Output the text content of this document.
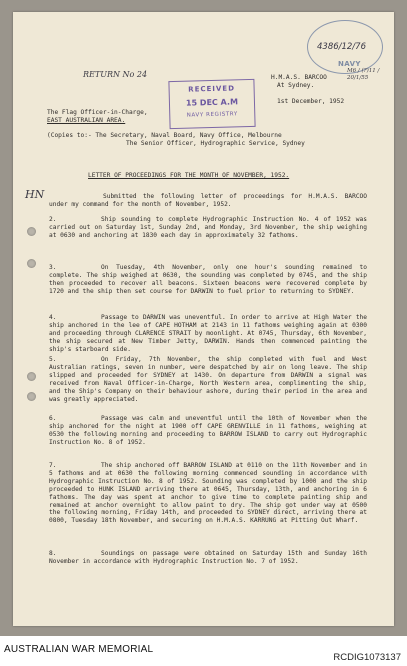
4386/12/76
NAVY
M6 / (?)11 / 20/1/55
RETURN No 24
RECEIVED
15 DEC A.M
NAVY REGISTRY
H.M.A.S. BARCOO
At Sydney.
1st December, 1952
The Flag Officer-in-Charge,
EAST AUSTRALIAN AREA.
(Copies to:- The Secretary, Naval Board, Navy Office, Melbourne
The Senior Officer, Hydrographic Service, Sydney
LETTER OF PROCEEDINGS FOR THE MONTH OF NOVEMBER, 1952.
HN	Submitted the following letter of proceedings for H.M.A.S. BARCOO under my command for the month of November, 1952.
2.	Ship sounding to complete Hydrographic Instruction No. 4 of 1952 was carried out on Saturday 1st, Sunday 2nd, and Monday, 3rd November, the ship weighing at 0630 and anchoring at 1830 each day in approximately 32 fathoms.
3.	On Tuesday, 4th November, only one hour's sounding remained to complete. The ship weighed at 0630, the sounding was completed by 0745, and the ship then proceeded to recover all beacons. Sixteen beacons were recovered complete by 1720 and the ship then set course for DARWIN to fuel prior to returning to SYDNEY.
4.	Passage to DARWIN was uneventful. In order to arrive at High Water the ship anchored in the lee of CAPE HOTHAM at 2143 in 11 fathoms weighing again at 0300 and proceeding through CLARENCE STRAIT by moonlight. At 0745, Thursday, 6th November, the ship secured at New Timber Jetty, DARWIN. Hands then commenced painting the ship's starboard side.
5.	On Friday, 7th November, the ship completed with fuel and West Australian ratings, seven in number, were despatched by air on long leave. The ship slipped and proceeded for SYDNEY at 1430. On departure from DARWIN a signal was received from Naval Officer-in-Charge, North Western area, complimenting the ship, and the Ship's Company on their behaviour ashore, during their period in the area and was greatly appreciated.
6.	Passage was calm and uneventful until the 10th of November when the ship anchored for the night at 1900 off CAPE GRENVILLE in 11 fathoms, weighing at 0530 the following morning and proceeding to BARROW ISLAND to carry out Hydrographic Instruction No. 8 of 1952.
7.	The ship anchored off BARROW ISLAND at 0110 on the 11th November and in 5 fathoms and at 0630 the following morning commenced sounding in accordance with Hydrographic Instruction No. 8 of 1952. Sounding was completed by 1000 and the ship proceeded to HUNK ISLAND arriving there at 0645, Thursday, 13th, and anchoring in 6 fathoms. The day was spent at anchor to give time to complete painting ship and remained at anchor overnight to allow paint to dry. The ship got under way at 0500 the following morning, Friday 14th, and proceeded to SYDNEY direct, arriving there at 0800, Tuesday 18th November, and securing on H.M.A.S. KARRUNG at Pitting Out Wharf.
8.	Soundings on passage were obtained on Saturday 15th and Sunday 16th November in accordance with Hydrographic Instruction No. 7 of 1952.
AUSTRALIAN WAR MEMORIAL
RCDIG1073137
